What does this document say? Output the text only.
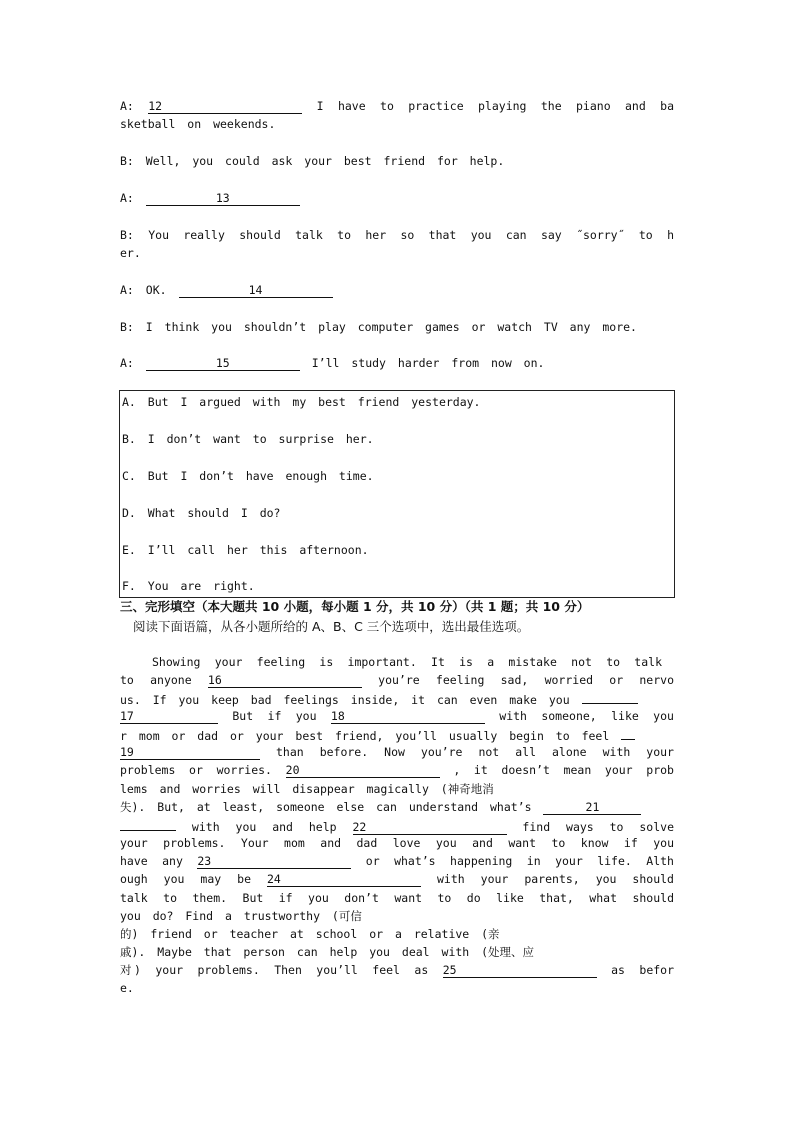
A: 12	I have to practice playing the piano and ba
sketball on weekends.
B: Well, you could ask your best friend for help.
A:	13
B: You really should talk to her so that you can say ˝sorry˝ to h
er.
A: OK.	14
B: I think you shouldn’t play computer games or watch TV any more.
A:	15	I’ll study harder from now on.
A. But I argued with my best friend yesterday.
B. I don’t want to surprise her.
C. But I don’t have enough time.
D. What should I do?
E. I’ll call her this afternoon.
F. You are right.
三、完形填空（本大题共 10 小题，每小题 1 分，共 10 分）（共 1 题；共 10 分）
阅读下面语篇，从各小题所给的 A、B、C 三个选项中，选出最佳选项。
Showing your feeling is important. It is a mistake not to talk
to anyone 16	you’re feeling sad, worried or nervo
us. If you keep bad feelings inside, it can even make you
17	But if you 18	with someone, like you
r mom or dad or your best friend, you’ll usually begin to feel
19	than before. Now you’re not all alone with your
problems or worries. 20	, it doesn’t mean your prob
lems and worries will disappear magically (神奇地消
失). But, at least, someone else can understand what’s	21
with you and help 22	find ways to solve
your problems. Your mom and dad love you and want to know if you
have any 23	or what’s happening in your life. Alth
ough you may be 24	with your parents, you should
talk to them. But if you don’t want to do like that, what should
you do? Find a trustworthy (可信
的) friend or teacher at school or a relative (亲
戚). Maybe that person can help you deal with (处理、应
对) your problems. Then you’ll feel as 25	as befor
e.
